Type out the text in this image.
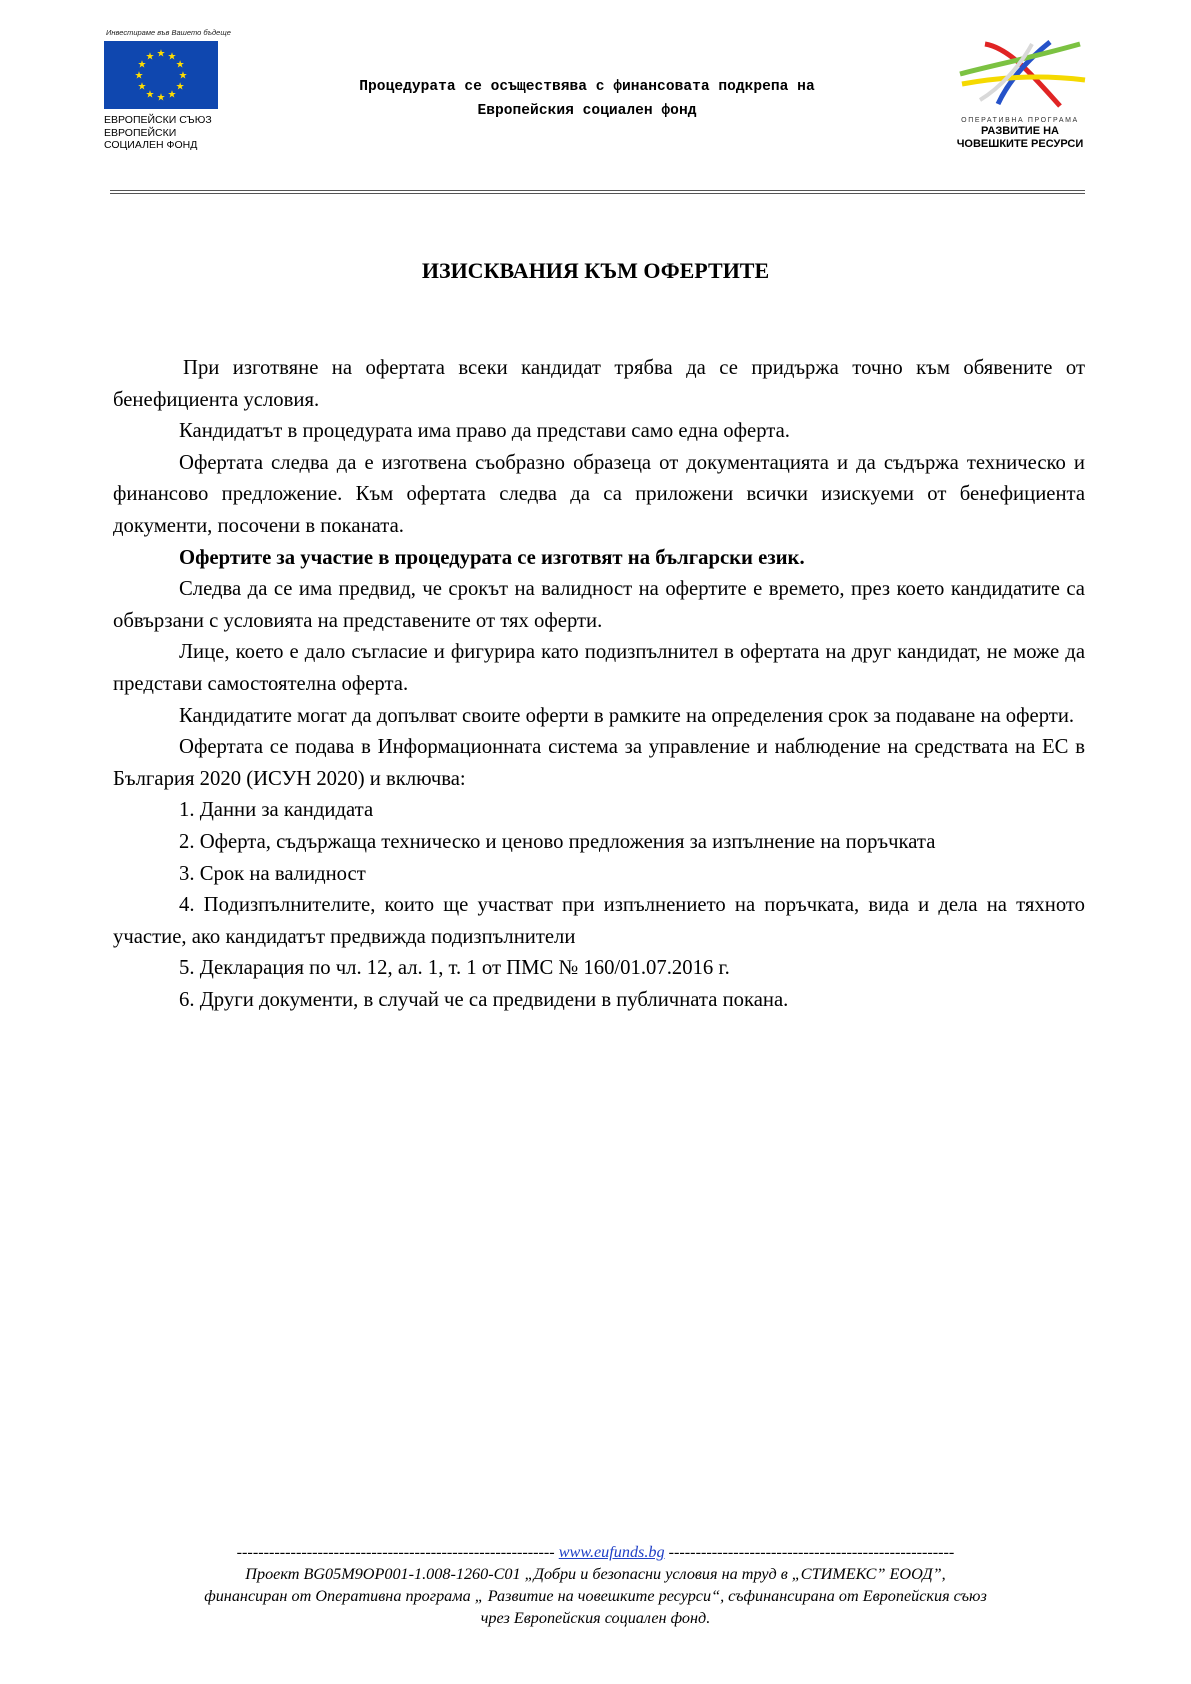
Инвестираме във Вашето бъдеще
★ ★
★
★
★
★
★
★
★
★
★
★
ЕВРОПЕЙСКИ СЪЮЗ
ЕВРОПЕЙСКИ
СОЦИАЛЕН ФОНД
Процедурата се осъществява с финансовата подкрепа на
Европейския социален фонд
ОПЕРАТИВНА ПРОГРАМА
РАЗВИТИЕ НА
ЧОВЕШКИТЕ РЕСУРСИ
ИЗИСКВАНИЯ КЪМ ОФЕРТИТЕ

При изготвяне на офертата всеки кандидат трябва да се придържа точно към обявените от бенефициента условия.

Кандидатът в процедурата има право да представи само една оферта.

Офертата следва да е изготвена съобразно образеца от документацията и да съдържа техническо и финансово предложение. Към офертата следва да са приложени всички изискуеми от бенефициента документи, посочени в поканата.

Офертите за участие в процедурата се изготвят на български език.

Следва да се има предвид, че срокът на валидност на офертите е времето, през което кандидатите са обвързани с условията на представените от тях оферти.

Лице, което е дало съгласие и фигурира като подизпълнител в офертата на друг кандидат, не може да представи самостоятелна оферта.

Кандидатите могат да допълват своите оферти в рамките на определения срок за подаване на оферти.

Офертата се подава в Информационната система за управление и наблюдение на средствата на ЕС в България 2020 (ИСУН 2020) и включва:

1. Данни за кандидата

2. Оферта, съдържаща техническо и ценово предложения за изпълнение на поръчката

3. Срок на валидност

4. Подизпълнителите, които ще участват при изпълнението на поръчката, вида и дела на тяхното участие, ако кандидатът предвижда подизпълнители

5. Декларация по чл. 12, ал. 1, т. 1 от ПМС № 160/01.07.2016 г.

6. Други документи, в случай че са предвидени в публичната покана.

----------------------------------------------------------- www.eufunds.bg -----------------------------------------------------
Проект BG05M9OP001-1.008-1260-C01 „Добри и безопасни условия на труд в „СТИМЕКС” ЕООД”,
финансиран от Оперативна програма „ Развитие на човешките ресурси“, съфинансирана от Европейския съюз
чрез Европейския социален фонд.
